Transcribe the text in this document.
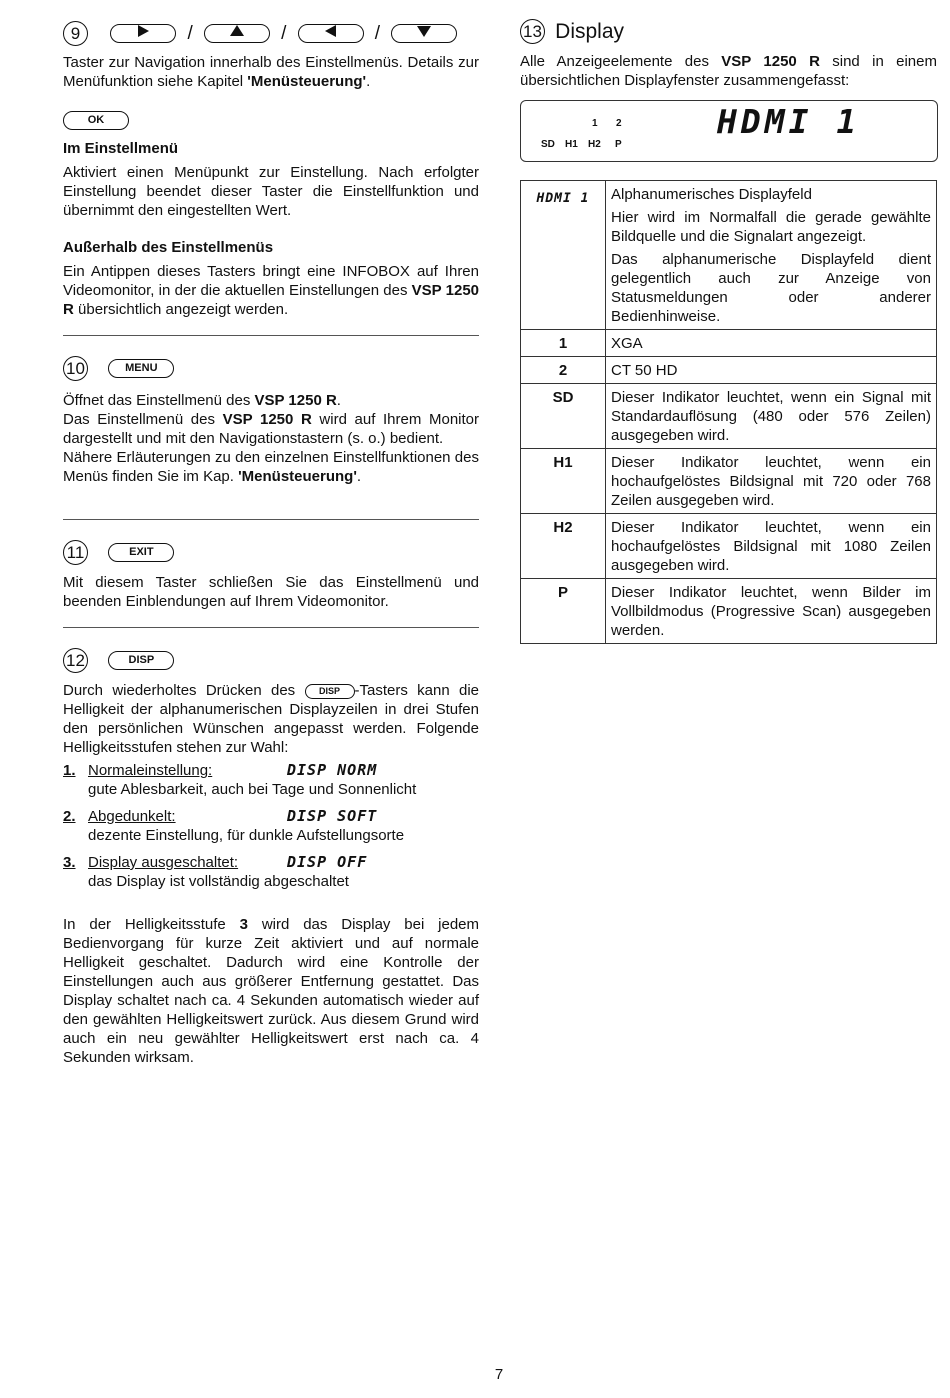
9	/	/	/

Taster zur Navigation innerhalb des Einstellmenüs. Details zur Menüfunktion siehe Kapitel 'Menüsteuerung'.

OK
Im Einstellmenü

Aktiviert einen Menüpunkt zur Einstellung. Nach erfolgter Einstellung beendet dieser Taster die Einstellfunktion und übernimmt den eingestellten Wert.

Außerhalb des Einstellmenüs

Ein Antippen dieses Tasters bringt eine INFOBOX auf Ihren Videomonitor, in der die aktuellen Einstellungen des VSP 1250 R übersichtlich angezeigt werden.

10	MENU

Öffnet das Einstellmenü des VSP 1250 R.

Das Einstellmenü des VSP 1250 R wird auf Ihrem Monitor dargestellt und mit den Navigationstastern (s. o.) bedient.

Nähere Erläuterungen zu den einzelnen Einstellfunktionen des Menüs finden Sie im Kap. 'Menüsteuerung'.

11	EXIT

Mit diesem Taster schließen Sie das Einstellmenü und beenden Einblendungen auf Ihrem Videomonitor.

12	DISP

Durch wiederholtes Drücken des DISP -Tasters kann die Helligkeit der alphanumerischen Displayzeilen in drei Stufen den persönlichen Wünschen angepasst werden. Folgende Helligkeitsstufen stehen zur Wahl:

1. Normaleinstellung:	DISP NORM
gute Ablesbarkeit, auch bei Tage und Sonnenlicht
2. Abgedunkelt:	DISP SOFT
dezente Einstellung, für dunkle Aufstellungsorte
3. Display ausgeschaltet:	DISP OFF
das Display ist vollständig abgeschaltet

In der Helligkeitsstufe 3 wird das Display bei jedem Bedienvorgang für kurze Zeit aktiviert und auf normale Helligkeit geschaltet. Dadurch wird eine Kontrolle der Einstellungen auch aus größerer Entfernung gestattet. Das Display schaltet nach ca. 4 Sekunden automatisch wieder auf den gewählten Helligkeitswert zurück. Aus diesem Grund wird auch ein neu gewählter Helligkeitswert erst nach ca. 4 Sekunden wirksam.

13 Display

Alle Anzeigeelemente des VSP 1250 R sind in einem übersichtlichen Displayfenster zusammengefasst:

1 2
SD H1 H2 P
HDMI 1
HDMI 1	Alphanumerisches Displayfeld
Hier wird im Normalfall die gerade gewählte Bildquelle und die Signalart angezeigt.
Das alphanumerische Displayfeld dient gelegentlich auch zur Anzeige von Statusmeldungen oder anderer Bedienhinweise.

1	XGA
2	CT 50 HD
SD	Dieser Indikator leuchtet, wenn ein Signal mit Standardauflösung (480 oder 576 Zeilen) ausgegeben wird.
H1	Dieser Indikator leuchtet, wenn ein hochaufgelöstes Bildsignal mit 720 oder 768 Zeilen ausgegeben wird.
H2	Dieser Indikator leuchtet, wenn ein hochaufgelöstes Bildsignal mit 1080 Zeilen ausgegeben wird.
P	Dieser Indikator leuchtet, wenn Bilder im Vollbildmodus (Progressive Scan) ausgegeben werden.
7
